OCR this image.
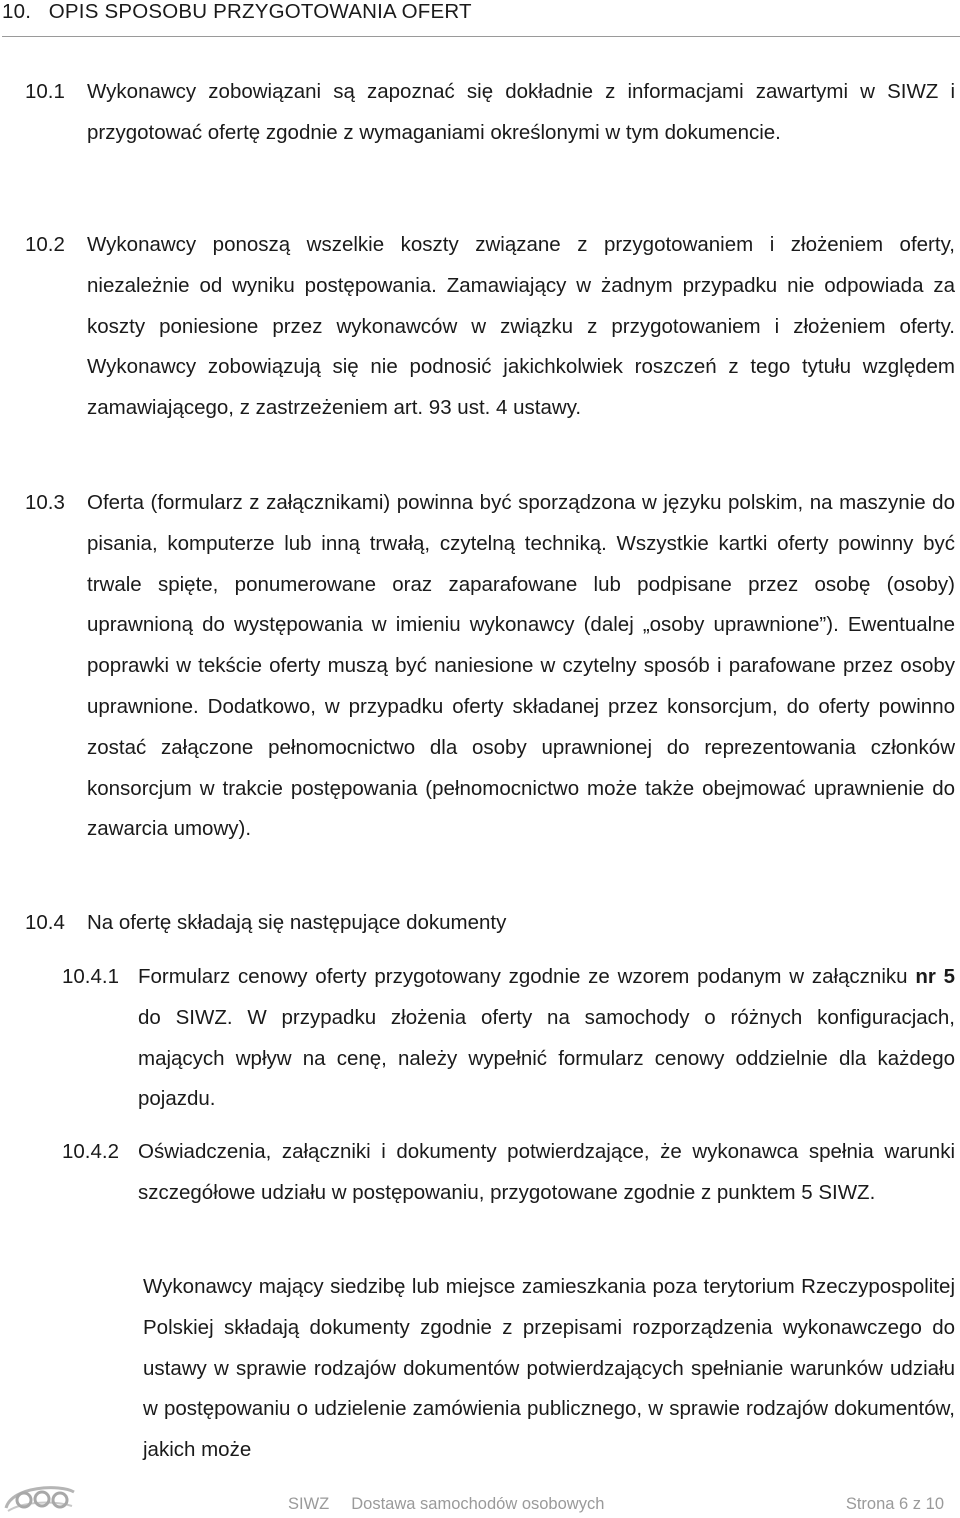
10.   OPIS SPOSOBU PRZYGOTOWANIA OFERT
10.1 Wykonawcy zobowiązani są zapoznać się dokładnie z informacjami zawartymi w SIWZ i przygotować ofertę zgodnie z wymaganiami określonymi w tym dokumencie.

10.2 Wykonawcy ponoszą wszelkie koszty związane z przygotowaniem i złożeniem oferty, niezależnie od wyniku postępowania. Zamawiający w żadnym przypadku nie odpowiada za koszty poniesione przez wykonawców w związku z przygotowaniem i złożeniem oferty. Wykonawcy zobowiązują się nie podnosić jakichkolwiek roszczeń z tego tytułu względem zamawiającego, z zastrzeżeniem art. 93 ust. 4 ustawy.

10.3 Oferta (formularz z załącznikami) powinna być sporządzona w języku polskim, na maszynie do pisania, komputerze lub inną trwałą, czytelną techniką. Wszystkie kartki oferty powinny być trwale spięte, ponumerowane oraz zaparafowane lub podpisane przez osobę (osoby) uprawnioną do występowania w imieniu wykonawcy (dalej „osoby uprawnione”). Ewentualne poprawki w tekście oferty muszą być naniesione w czytelny sposób i parafowane przez osoby uprawnione. Dodatkowo, w przypadku oferty składanej przez konsorcjum, do oferty powinno zostać załączone pełnomocnictwo dla osoby uprawnionej do reprezentowania członków konsorcjum w trakcie postępowania (pełnomocnictwo może także obejmować uprawnienie do zawarcia umowy).

10.4 Na ofertę składają się następujące dokumenty

10.4.1 Formularz cenowy oferty przygotowany zgodnie ze wzorem podanym w załączniku nr 5 do SIWZ. W przypadku złożenia oferty na samochody o różnych konfiguracjach, mających wpływ na cenę, należy wypełnić formularz cenowy oddzielnie dla każdego pojazdu.

10.4.2 Oświadczenia, załączniki i dokumenty potwierdzające, że wykonawca spełnia warunki szczegółowe udziału w postępowaniu, przygotowane zgodnie z punktem 5 SIWZ.

Wykonawcy mający siedzibę lub miejsce zamieszkania poza terytorium Rzeczypospolitej Polskiej składają dokumenty zgodnie z przepisami rozporządzenia wykonawczego do ustawy w sprawie rodzajów dokumentów potwierdzających spełnianie warunków udziału w postępowaniu o udzielenie zamówienia publicznego, w sprawie rodzajów dokumentów, jakich może

SIWZ Dostawa samochodów osobowych	Strona 6 z 10
